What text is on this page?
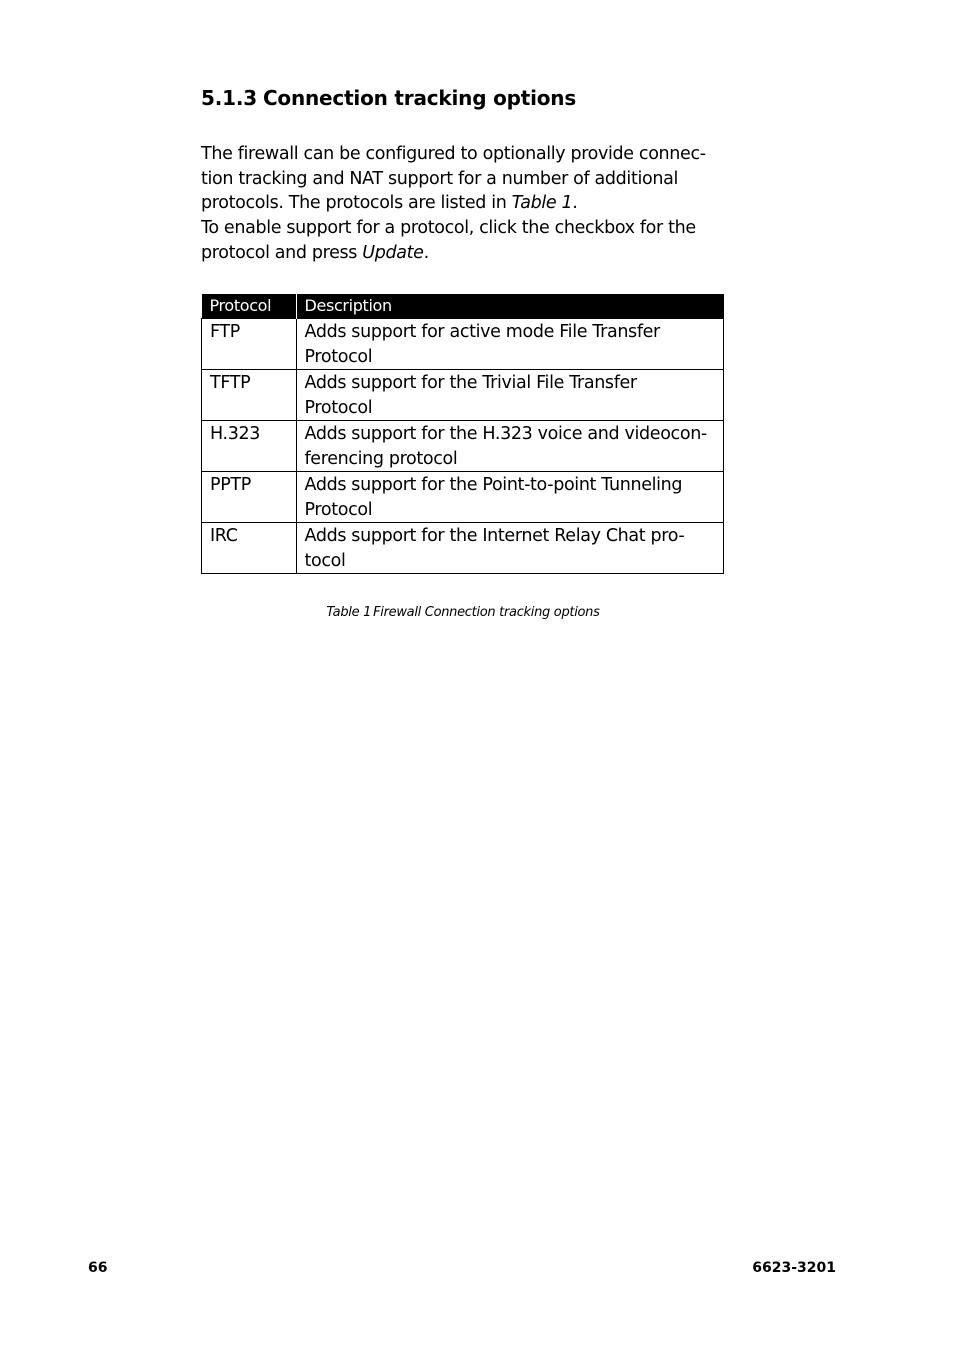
5.1.3 Connection tracking options

The firewall can be configured to optionally provide connec-

tion tracking and NAT support for a number of additional

protocols. The protocols are listed in Table 1.

To enable support for a protocol, click the checkbox for the

protocol and press Update.

Protocol	Description
FTP	Adds support for active mode File Transfer
Protocol

TFTP	Adds support for the Trivial File Transfer
Protocol

H.323	Adds support for the H.323 voice and videocon-
ferencing protocol

PPTP	Adds support for the Point-to-point Tunneling
Protocol

IRC	Adds support for the Internet Relay Chat pro-
tocol
Table 1 Firewall Connection tracking options
66	6623-3201
